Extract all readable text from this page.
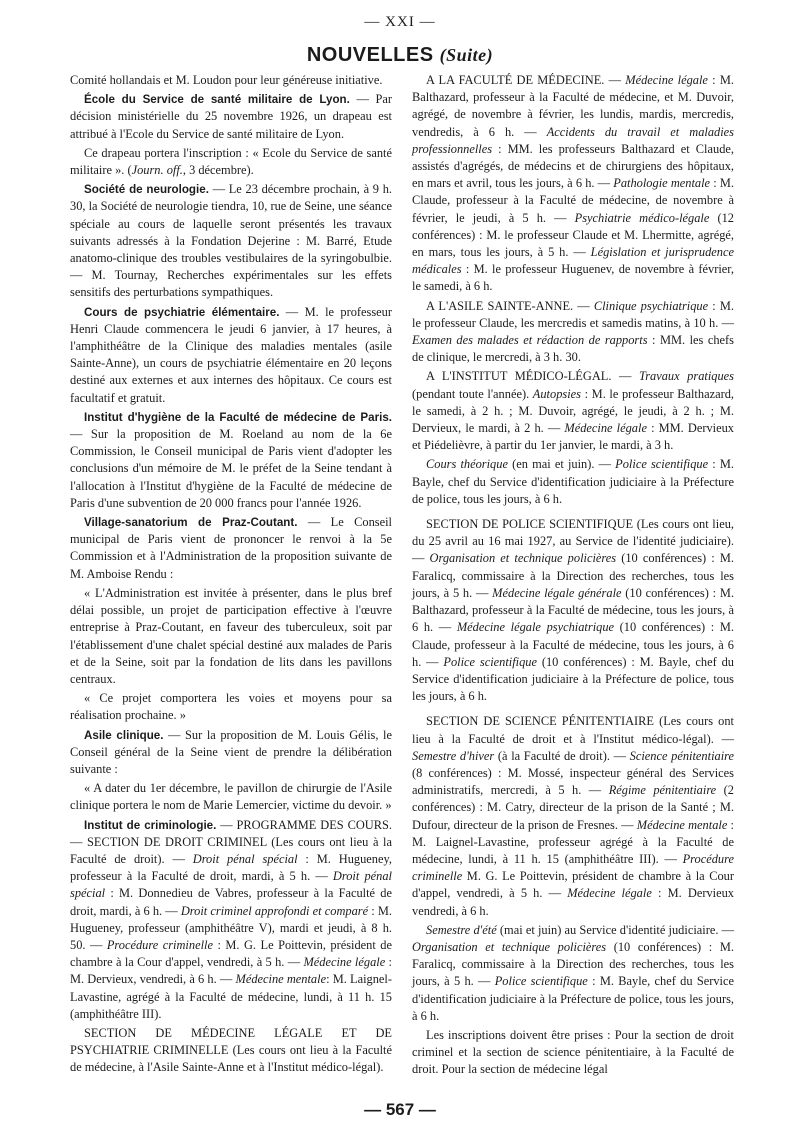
— XXI —
NOUVELLES (Suite)

Comité hollandais et M. Loudon pour leur généreuse initiative.

École du Service de santé militaire de Lyon. — Par décision ministérielle du 25 novembre 1926, un drapeau est attribué à l'Ecole du Service de santé militaire de Lyon.

Ce drapeau portera l'inscription : « Ecole du Service de santé militaire ». (Journ. off., 3 décembre).

Société de neurologie. — Le 23 décembre prochain, à 9 h. 30, la Société de neurologie tiendra, 10, rue de Seine, une séance spéciale au cours de laquelle seront présentés les travaux suivants adressés à la Fondation Dejerine : M. Barré, Etude anatomo-clinique des troubles vestibulaires de la syringobulbie. — M. Tournay, Recherches expérimentales sur les effets sensitifs des perturbations sympathiques.

Cours de psychiatrie élémentaire. — M. le professeur Henri Claude commencera le jeudi 6 janvier, à 17 heures, à l'amphithéâtre de la Clinique des maladies mentales (asile Sainte-Anne), un cours de psychiatrie élémentaire en 20 leçons destiné aux externes et aux internes des hôpitaux. Ce cours est facultatif et gratuit.

Institut d'hygiène de la Faculté de médecine de Paris. — Sur la proposition de M. Roeland au nom de la 6e Commission, le Conseil municipal de Paris vient d'adopter les conclusions d'un mémoire de M. le préfet de la Seine tendant à l'allocation à l'Institut d'hygiène de la Faculté de médecine de Paris d'une subvention de 20 000 francs pour l'année 1926.

Village-sanatorium de Praz-Coutant. — Le Conseil municipal de Paris vient de prononcer le renvoi à la 5e Commission et à l'Administration de la proposition suivante de M. Amboise Rendu :

« L'Administration est invitée à présenter, dans le plus bref délai possible, un projet de participation effective à l'œuvre entreprise à Praz-Coutant, en faveur des tuberculeux, soit par l'établissement d'une chalet spécial destiné aux malades de Paris et de la Seine, soit par la fondation de lits dans les pavillons centraux.

« Ce projet comportera les voies et moyens pour sa réalisation prochaine. »

Asile clinique. — Sur la proposition de M. Louis Gélis, le Conseil général de la Seine vient de prendre la délibération suivante :

« A dater du 1er décembre, le pavillon de chirurgie de l'Asile clinique portera le nom de Marie Lemercier, victime du devoir. »

Institut de criminologie. — PROGRAMME DES COURS. — SECTION DE DROIT CRIMINEL (Les cours ont lieu à la Faculté de droit). — Droit pénal spécial : M. Hugueney, professeur à la Faculté de droit, mardi, à 5 h. — Droit pénal spécial : M. Donnedieu de Vabres, professeur à la Faculté de droit, mardi, à 6 h. — Droit criminel approfondi et comparé : M. Hugueney, professeur (amphithéâtre V), mardi et jeudi, à 8 h. 50. — Procédure criminelle : M. G. Le Poittevin, président de chambre à la Cour d'appel, vendredi, à 5 h. — Médecine légale : M. Dervieux, vendredi, à 6 h. — Médecine mentale: M. Laignel-Lavastine, agrégé à la Faculté de médecine, lundi, à 11 h. 15 (amphithéâtre III).

SECTION DE MÉDECINE LÉGALE ET DE PSYCHIATRIE CRIMINELLE (Les cours ont lieu à la Faculté de médecine, à l'Asile Sainte-Anne et à l'Institut médico-légal).

A LA FACULTÉ DE MÉDECINE. — Médecine légale : M. Balthazard, professeur à la Faculté de médecine, et M. Duvoir, agrégé, de novembre à février, les lundis, mardis, mercredis, vendredis, à 6 h. — Accidents du travail et maladies professionnelles : MM. les professeurs Balthazard et Claude, assistés d'agrégés, de médecins et de chirurgiens des hôpitaux, en mars et avril, tous les jours, à 6 h. — Pathologie mentale : M. Claude, professeur à la Faculté de médecine, de novembre à février, le jeudi, à 5 h. — Psychiatrie médico-légale (12 conférences) : M. le professeur Claude et M. Lhermitte, agrégé, en mars, tous les jours, à 5 h. — Législation et jurisprudence médicales : M. le professeur Huguenev, de novembre à février, le samedi, à 6 h.

A L'ASILE SAINTE-ANNE. — Clinique psychiatrique : M. le professeur Claude, les mercredis et samedis matins, à 10 h. — Examen des malades et rédaction de rapports : MM. les chefs de clinique, le mercredi, à 3 h. 30.

A L'INSTITUT MÉDICO-LÉGAL. — Travaux pratiques (pendant toute l'année). Autopsies : M. le professeur Balthazard, le samedi, à 2 h. ; M. Duvoir, agrégé, le jeudi, à 2 h. ; M. Dervieux, le mardi, à 2 h. — Médecine légale : MM. Dervieux et Piédelièvre, à partir du 1er janvier, le mardi, à 3 h.

Cours théorique (en mai et juin). — Police scientifique : M. Bayle, chef du Service d'identification judiciaire à la Préfecture de police, tous les jours, à 6 h.

SECTION DE POLICE SCIENTIFIQUE (Les cours ont lieu, du 25 avril au 16 mai 1927, au Service de l'identité judiciaire). — Organisation et technique policières (10 conférences) : M. Faralicq, commissaire à la Direction des recherches, tous les jours, à 5 h. — Médecine légale générale (10 conférences) : M. Balthazard, professeur à la Faculté de médecine, tous les jours, à 6 h. — Médecine légale psychiatrique (10 conférences) : M. Claude, professeur à la Faculté de médecine, tous les jours, à 6 h. — Police scientifique (10 conférences) : M. Bayle, chef du Service d'identification judiciaire à la Préfecture de police, tous les jours, à 6 h.

SECTION DE SCIENCE PÉNITENTIAIRE (Les cours ont lieu à la Faculté de droit et à l'Institut médico-légal). — Semestre d'hiver (à la Faculté de droit). — Science pénitentiaire (8 conférences) : M. Mossé, inspecteur général des Services administratifs, mercredi, à 5 h. — Régime pénitentiaire (2 conférences) : M. Catry, directeur de la prison de la Santé ; M. Dufour, directeur de la prison de Fresnes. — Médecine mentale : M. Laignel-Lavastine, professeur agrégé à la Faculté de médecine, lundi, à 11 h. 15 (amphithéâtre III). — Procédure criminelle M. G. Le Poittevin, président de chambre à la Cour d'appel, vendredi, à 5 h. — Médecine légale : M. Dervieux vendredi, à 6 h.

Semestre d'été (mai et juin) au Service d'identité judiciaire. — Organisation et technique policières (10 conférences) : M. Faralicq, commissaire à la Direction des recherches, tous les jours, à 5 h. — Police scientifique : M. Bayle, chef du Service d'identification judiciaire à la Préfecture de police, tous les jours, à 6 h.

Les inscriptions doivent être prises : Pour la section de droit criminel et la section de science pénitentiaire, à la Faculté de droit. Pour la section de médecine légal

— 567 —
